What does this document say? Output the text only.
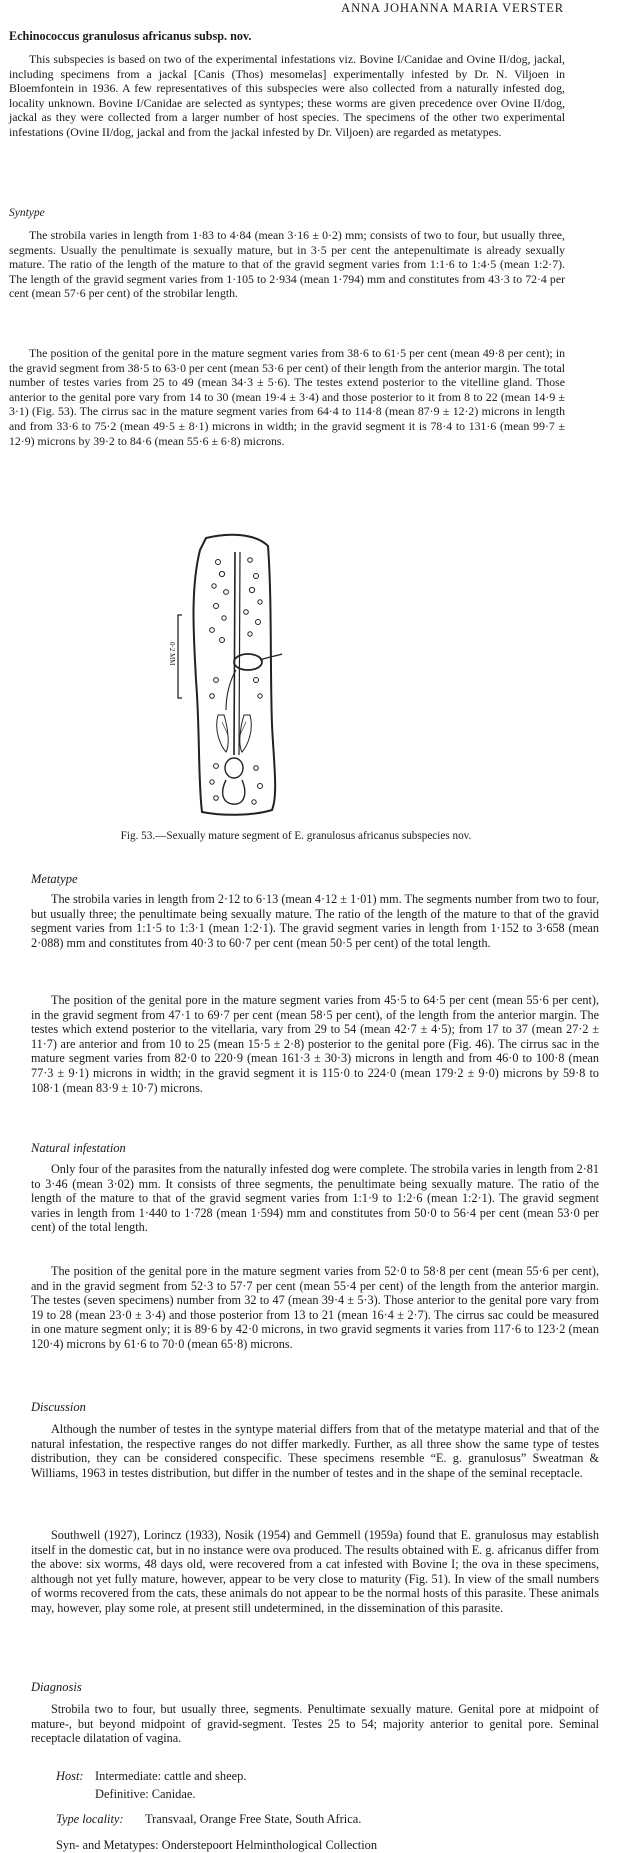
ANNA JOHANNA MARIA VERSTER
Echinococcus granulosus africanus subsp. nov.

This subspecies is based on two of the experimental infestations viz. Bovine I/Canidae and Ovine II/dog, jackal, including specimens from a jackal [Canis (Thos) mesomelas] experimentally infested by Dr. N. Viljoen in Bloemfontein in 1936. A few representatives of this subspecies were also collected from a naturally infested dog, locality unknown. Bovine I/Canidae are selected as syntypes; these worms are given precedence over Ovine II/dog, jackal as they were collected from a larger number of host species. The specimens of the other two experimental infestations (Ovine II/dog, jackal and from the jackal infested by Dr. Viljoen) are regarded as metatypes.

Syntype

The strobila varies in length from 1·83 to 4·84 (mean 3·16 ± 0·2) mm; consists of two to four, but usually three, segments. Usually the penultimate is sexually mature, but in 3·5 per cent the antepenultimate is already sexually mature. The ratio of the length of the mature to that of the gravid segment varies from 1:1·6 to 1:4·5 (mean 1:2·7). The length of the gravid segment varies from 1·105 to 2·934 (mean 1·794) mm and constitutes from 43·3 to 72·4 per cent (mean 57·6 per cent) of the strobilar length.

The position of the genital pore in the mature segment varies from 38·6 to 61·5 per cent (mean 49·8 per cent); in the gravid segment from 38·5 to 63·0 per cent (mean 53·6 per cent) of their length from the anterior margin. The total number of testes varies from 25 to 49 (mean 34·3 ± 5·6). The testes extend posterior to the vitelline gland. Those anterior to the genital pore vary from 14 to 30 (mean 19·4 ± 3·4) and those posterior to it from 8 to 22 (mean 14·9 ± 3·1) (Fig. 53). The cirrus sac in the mature segment varies from 64·4 to 114·8 (mean 87·9 ± 12·2) microns in length and from 33·6 to 75·2 (mean 49·5 ± 8·1) microns in width; in the gravid segment it is 78·4 to 131·6 (mean 99·7 ± 12·9) microns by 39·2 to 84·6 (mean 55·6 ± 6·8) microns.

0·2 MM
Fig. 53.—Sexually mature segment of E. granulosus africanus subspecies nov.
Metatype

The strobila varies in length from 2·12 to 6·13 (mean 4·12 ± 1·01) mm. The segments number from two to four, but usually three; the penultimate being sexually mature. The ratio of the length of the mature to that of the gravid segment varies from 1:1·5 to 1:3·1 (mean 1:2·1). The gravid segment varies in length from 1·152 to 3·658 (mean 2·088) mm and constitutes from 40·3 to 60·7 per cent (mean 50·5 per cent) of the total length.

The position of the genital pore in the mature segment varies from 45·5 to 64·5 per cent (mean 55·6 per cent), in the gravid segment from 47·1 to 69·7 per cent (mean 58·5 per cent), of the length from the anterior margin. The testes which extend posterior to the vitellaria, vary from 29 to 54 (mean 42·7 ± 4·5); from 17 to 37 (mean 27·2 ± 11·7) are anterior and from 10 to 25 (mean 15·5 ± 2·8) posterior to the genital pore (Fig. 46). The cirrus sac in the mature segment varies from 82·0 to 220·9 (mean 161·3 ± 30·3) microns in length and from 46·0 to 100·8 (mean 77·3 ± 9·1) microns in width; in the gravid segment it is 115·0 to 224·0 (mean 179·2 ± 9·0) microns by 59·8 to 108·1 (mean 83·9 ± 10·7) microns.

Natural infestation

Only four of the parasites from the naturally infested dog were complete. The strobila varies in length from 2·81 to 3·46 (mean 3·02) mm. It consists of three segments, the penultimate being sexually mature. The ratio of the length of the mature to that of the gravid segment varies from 1:1·9 to 1:2·6 (mean 1:2·1). The gravid segment varies in length from 1·440 to 1·728 (mean 1·594) mm and constitutes from 50·0 to 56·4 per cent (mean 53·0 per cent) of the total length.

The position of the genital pore in the mature segment varies from 52·0 to 58·8 per cent (mean 55·6 per cent), and in the gravid segment from 52·3 to 57·7 per cent (mean 55·4 per cent) of the length from the anterior margin. The testes (seven specimens) number from 32 to 47 (mean 39·4 ± 5·3). Those anterior to the genital pore vary from 19 to 28 (mean 23·0 ± 3·4) and those posterior from 13 to 21 (mean 16·4 ± 2·7). The cirrus sac could be measured in one mature segment only; it is 89·6 by 42·0 microns, in two gravid segments it varies from 117·6 to 123·2 (mean 120·4) microns by 61·6 to 70·0 (mean 65·8) microns.

Discussion

Although the number of testes in the syntype material differs from that of the metatype material and that of the natural infestation, the respective ranges do not differ markedly. Further, as all three show the same type of testes distribution, they can be considered conspecific. These specimens resemble “E. g. granulosus” Sweatman & Williams, 1963 in testes distribution, but differ in the number of testes and in the shape of the seminal receptacle.

Southwell (1927), Lorincz (1933), Nosik (1954) and Gemmell (1959a) found that E. granulosus may establish itself in the domestic cat, but in no instance were ova produced. The results obtained with E. g. africanus differ from the above: six worms, 48 days old, were recovered from a cat infested with Bovine I; the ova in these specimens, although not yet fully mature, however, appear to be very close to maturity (Fig. 51). In view of the small numbers of worms recovered from the cats, these animals do not appear to be the normal hosts of this parasite. These animals may, however, play some role, at present still undetermined, in the dissemination of this parasite.

Diagnosis

Strobila two to four, but usually three, segments. Penultimate sexually mature. Genital pore at midpoint of mature-, but beyond midpoint of gravid-segment. Testes 25 to 54; majority anterior to genital pore. Seminal receptacle dilatation of vagina.

Host: Intermediate: cattle and sheep.
Definitive: Canidae.
Type locality: Transvaal, Orange Free State, South Africa.
Syn- and Metatypes: Onderstepoort Helminthological Collection
